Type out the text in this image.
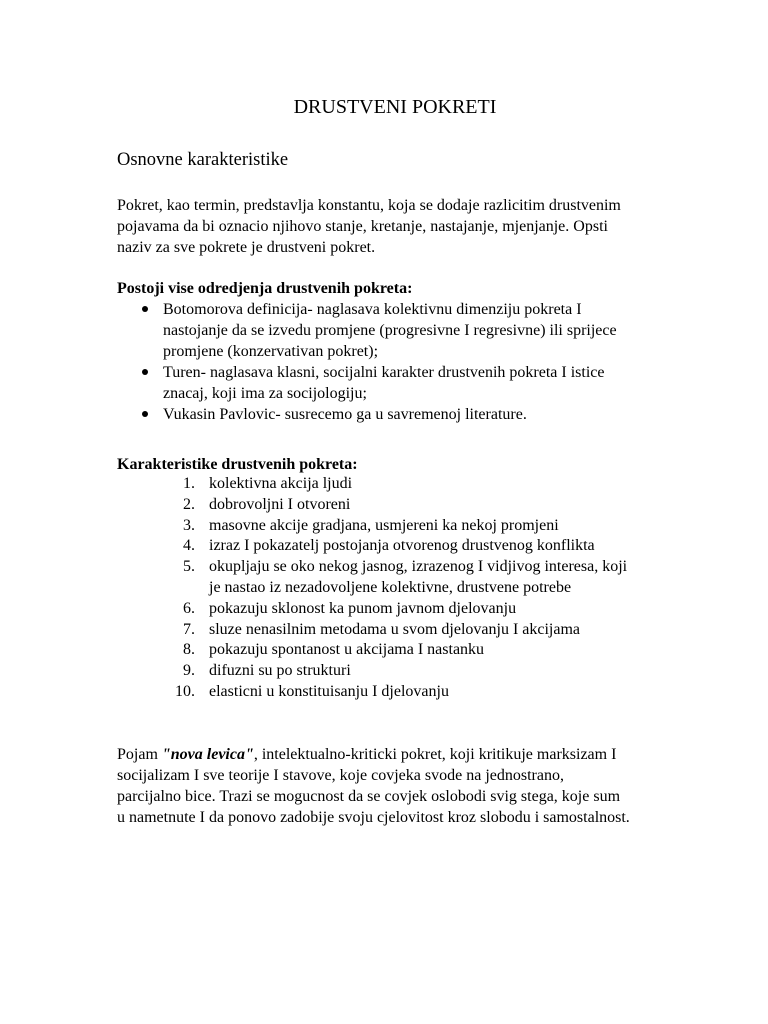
DRUSTVENI POKRETI
Osnovne karakteristike
Pokret, kao termin, predstavlja konstantu, koja se dodaje razlicitim drustvenim
pojavama da bi oznacio njihovo stanje, kretanje, nastajanje, mjenjanje. Opsti
naziv za sve pokrete je drustveni pokret.
Postoji vise odredjenja drustvenih pokreta:
Botomorova definicija- naglasava kolektivnu dimenziju pokreta I
nastojanje da se izvedu promjene (progresivne I regresivne) ili sprijece
promjene (konzervativan pokret);
Turen- naglasava klasni, socijalni karakter drustvenih pokreta I istice
znacaj, koji ima za socijologiju;
Vukasin Pavlovic- susrecemo ga u savremenoj literature.
Karakteristike drustvenih pokreta:
1. kolektivna akcija ljudi
2. dobrovoljni I otvoreni
3. masovne akcije gradjana, usmjereni ka nekoj promjeni
4. izraz I pokazatelj postojanja otvorenog drustvenog konflikta
5. okupljaju se oko nekog jasnog, izrazenog I vidjivog interesa, koji
je nastao iz nezadovoljene kolektivne, drustvene potrebe
6. pokazuju sklonost ka punom javnom djelovanju
7. sluze nenasilnim metodama u svom djelovanju I akcijama
8. pokazuju spontanost u akcijama I nastanku
9. difuzni su po strukturi
10. elasticni u konstituisanju I djelovanju
Pojam "nova levica", intelektualno-kriticki pokret, koji kritikuje marksizam I
socijalizam I sve teorije I stavove, koje covjeka svode na jednostrano,
parcijalno bice. Trazi se mogucnost da se covjek oslobodi svig stega, koje sum
u nametnute I da ponovo zadobije svoju cjelovitost kroz slobodu i samostalnost.
